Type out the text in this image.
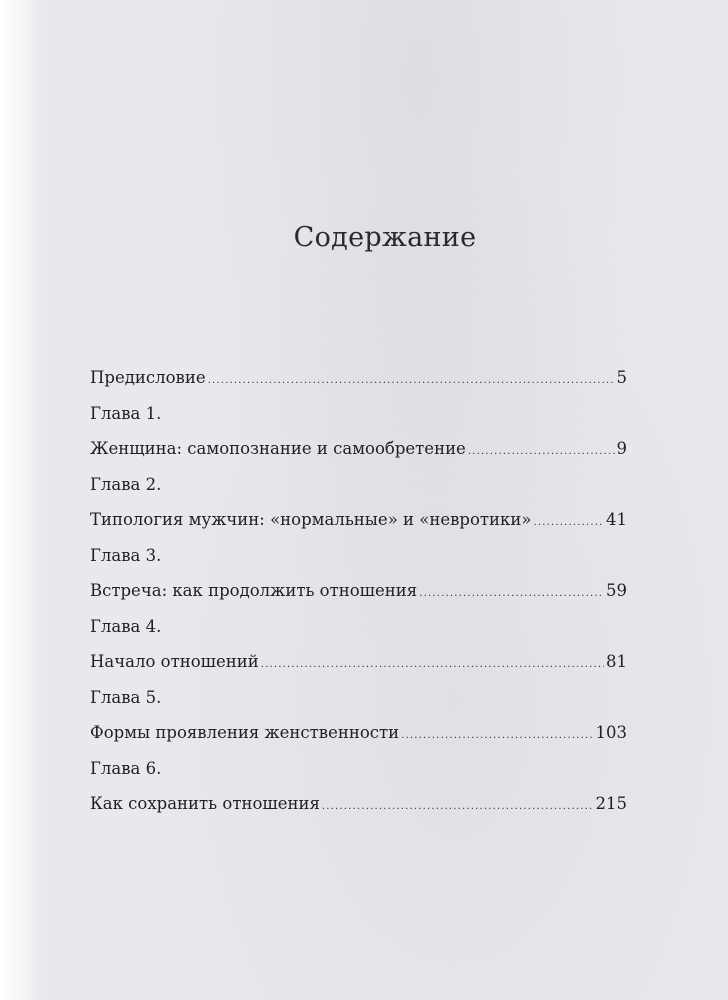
Содержание
Предисловие .....	5
Глава 1.
Женщина: самопознание и самообретение .....	9
Глава 2.
Типология мужчин: «нормальные» и «невротики» .....	41
Глава 3.
Встреча: как продолжить отношения .....	59
Глава 4.
Начало отношений .....	81
Глава 5.
Формы проявления женственности .....	103
Глава 6.
Как сохранить отношения .....	215
